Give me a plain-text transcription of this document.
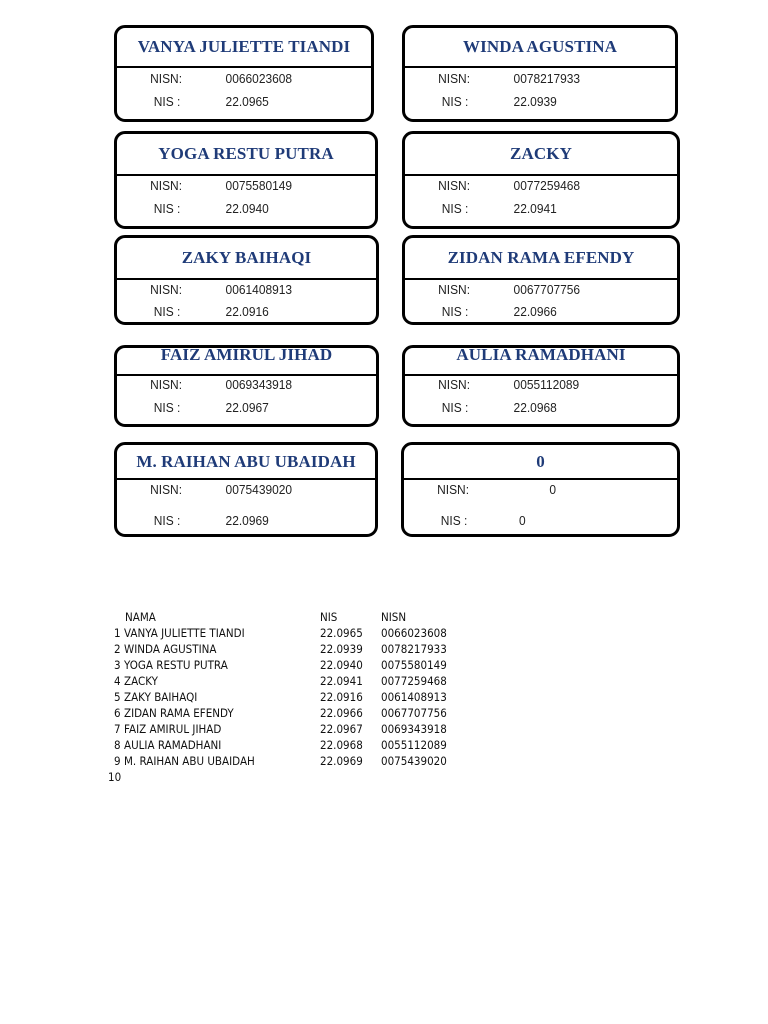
VANYA JULIETTE TIANDI
NISN:	0066023608
NIS :	22.0965
WINDA AGUSTINA
NISN:	0078217933
NIS :	22.0939
YOGA RESTU PUTRA
NISN:	0075580149
NIS :	22.0940
ZACKY
NISN:	0077259468
NIS :	22.0941
ZAKY BAIHAQI
NISN:	0061408913
NIS :	22.0916
ZIDAN RAMA EFENDY
NISN:	0067707756
NIS :	22.0966
FAIZ AMIRUL JIHAD
NISN:	0069343918
NIS :	22.0967
AULIA RAMADHANI
NISN:	0055112089
NIS :	22.0968
M. RAIHAN ABU UBAIDAH
NISN:	0075439020
NIS :	22.0969
0
NISN:	0
NIS :	0
NAMA	NIS	NISN
1 VANYA JULIETTE TIANDI	22.0965 0066023608
2 WINDA AGUSTINA	22.0939 0078217933
3 YOGA RESTU PUTRA	22.0940 0075580149
4 ZACKY	22.0941 0077259468
5 ZAKY BAIHAQI	22.0916 0061408913
6 ZIDAN RAMA EFENDY	22.0966 0067707756
7 FAIZ AMIRUL JIHAD	22.0967 0069343918
8 AULIA RAMADHANI	22.0968 0055112089
9 M. RAIHAN ABU UBAIDAH	22.0969 0075439020
10
